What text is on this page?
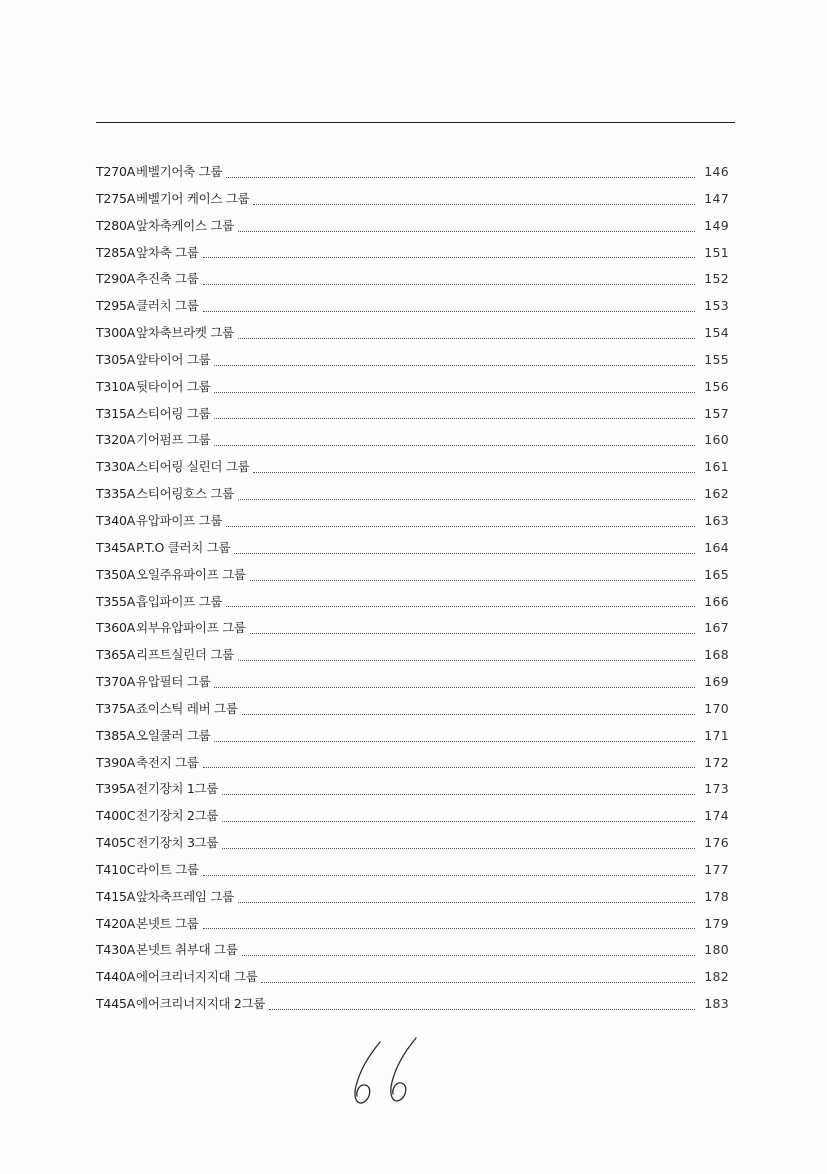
T270A 베벨기어축 그룹	146
T275A 베벨기어 케이스 그룹	147
T280A 앞차축케이스 그룹	149
T285A 앞차축 그룹	151
T290A 추진축 그룹	152
T295A 클러치 그룹	153
T300A 앞차축브라켓 그룹	154
T305A 앞타이어 그룹	155
T310A 뒷타이어 그룹	156
T315A 스티어링 그룹	157
T320A 기어펌프 그룹	160
T330A 스티어링 실린더 그룹	161
T335A 스티어링호스 그룹	162
T340A 유압파이프 그룹	163
T345A P.T.O 클러치 그룹	164
T350A 오일주유파이프 그룹	165
T355A 흡입파이프 그룹	166
T360A 외부유압파이프 그룹	167
T365A 리프트실린더 그룹	168
T370A 유압필터 그룹	169
T375A 죠이스틱 레버 그룹	170
T385A 오일쿨러 그룹	171
T390A 축전지 그룹	172
T395A 전기장치 1그룹	173
T400C 전기장치 2그룹	174
T405C 전기장치 3그룹	176
T410C 라이트 그룹	177
T415A 앞차축프레임 그룹	178
T420A 본넷트 그룹	179
T430A 본넷트 취부대 그룹	180
T440A 에어크리너지지대 그룹	182
T445A 에어크리너지지대 2그룹	183
